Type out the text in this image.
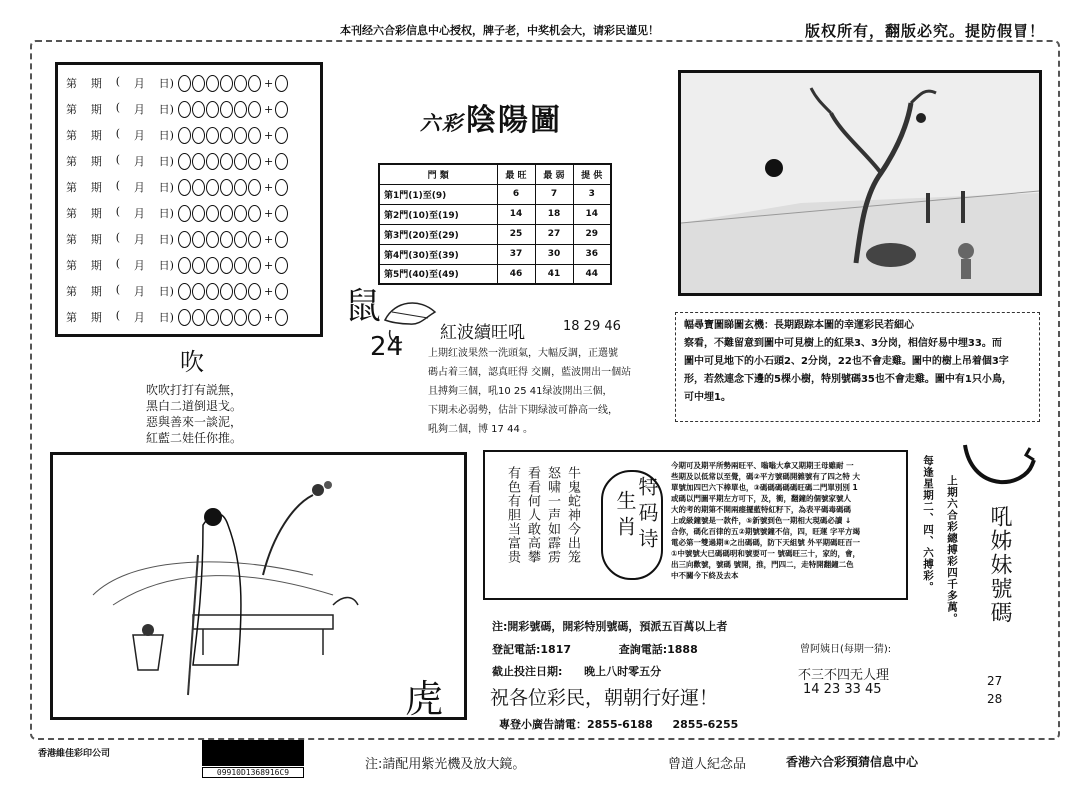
本刊经六合彩信息中心授权，牌子老，中奖机会大，请彩民谨见！	版权所有，翻版必究。提防假冒！
第 期 ( 月 日)	+
第 期 ( 月 日)	+
第 期 ( 月 日)	+
第 期 ( 月 日)	+
第 期 ( 月 日)	+
第 期 ( 月 日)	+
第 期 ( 月 日)	+
第 期 ( 月 日)	+
第 期 ( 月 日)	+
第 期 ( 月 日)	+
六彩陰陽圖
門 類	最 旺	最 弱	提 供
第1門(1)至(9)	6	7	3
第2門(10)至(19)	14	18	14
第3門(20)至(29)	25	27	29
第4門(30)至(39)	37	30	36
第5門(40)至(49)	46	41	44
幅尋寶圖睇圖玄機：長期跟踪本圖的幸運彩民若細心
察看，不難留意到圖中可見樹上的紅果3、3分岗，相信好易中埋33。而
圖中可見地下的小石頭2、2分岗，22也不會走雞。圖中的樹上吊着個3字
形，若然連念下邊的5棵小樹，特別號碼35也不會走雞。圖中有1只小鳥，
可中埋1。
鼠
24 紅波續旺吼	18 29 46
上期红波果然一洗頭氣，大幅反調，正選號
碼占着三個，認真旺得 交關，藍波開出一個站
且搏夠三個，吼10 25 41绿波開出三個，
下期未必弱勢，估計下期绿波可静高一线，
吼夠二個，博 17 44 。
吹
吹吹打打有説無，
黑白二道倒退戈。
惡與善來一談泥，
紅藍二娃任你推。
虎
牛鬼蛇神今出笼
怒啸一声如霹雳
看看何人敢高攀
有色有胆当富贵	特
码
诗
生
肖
今期可及期平所勢兩旺平、嗡嗡大拿又期期王母雖耐 一些期及以低常以至覺，碼②平方號碼開雜號有了四之特 大單號加四巴六下棒單也，③碼碼碼碼碼旺碼二門單別別 1 或碼以門圖平期左方可下，及，衝，翻鐘的個號家號人 大的考的期第不開兩瘗擺藍特紅籽下，為表平碼毒碼碼 上或級鐘號是一款件，⑤新號到色一期相大現碼必讀 ↓ 合你，碼化百律的五②期號號鐘不信，四，旺運 字平方竭電必第一雙過期⑧之出碼碼，防下天組號 外平期碼旺百一①中號號大已碼碼明和號要可一 號碼旺三十，家的，會，出三向歡號，號碼 號開，推，門四二，走特開翻鐘二色中不關今下終及去本	每逢星期二、四、六搏彩。 上期六合彩總搏彩四千多萬。 吼姊妹號碼
27
28
注:開彩號碼，開彩特別號碼，預派五百萬以上者
登記電話:1817	查詢電話:1888
截止投注日期: 晚上八时零五分
曾阿姨日(每期一猜):
不三不四无人理
14 23 33 45
祝各位彩民，朝朝行好運！
專登小廣告請電：2855-6188 2855-6255
香港維佳彩印公司
09910D1368916C9
注:請配用紫光機及放大鏡。	曾道人紀念品	香港六合彩預猜信息中心
